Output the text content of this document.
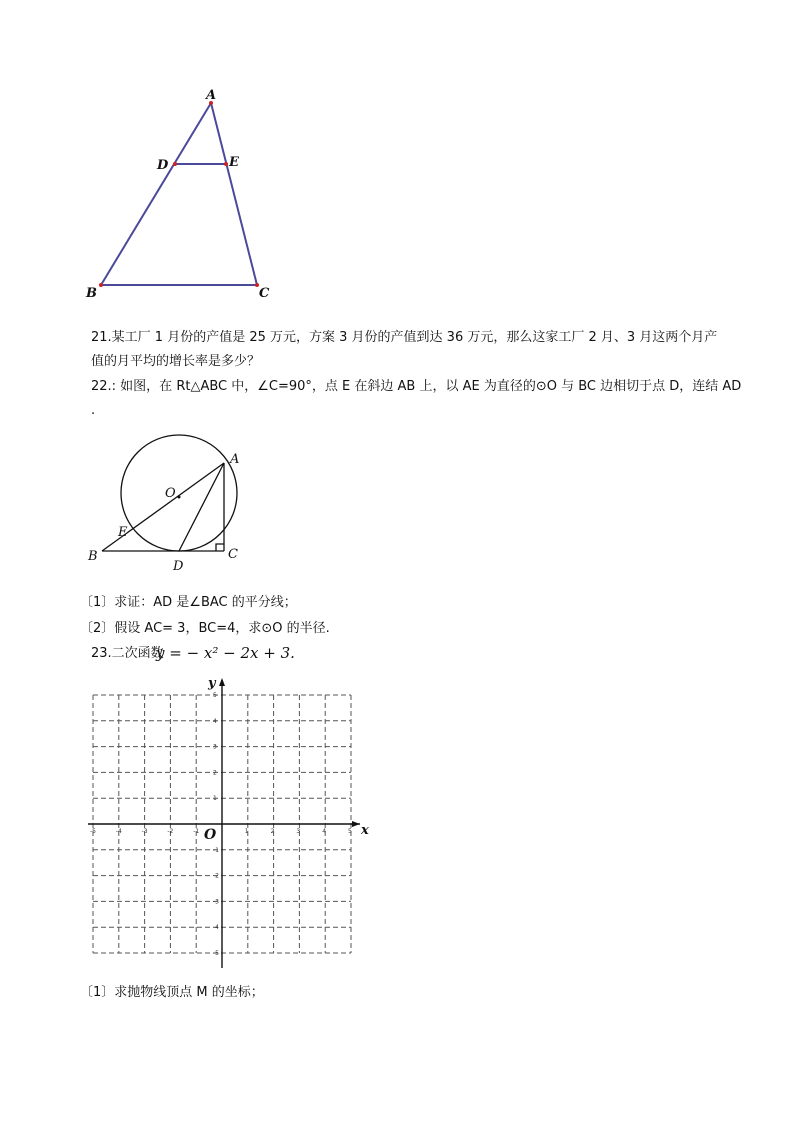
A
D	E
B	C
21.某工厂 1 月份的产值是 25 万元，方案 3 月份的产值到达 36 万元，那么这家工厂 2 月、3 月这两个月产
值的月平均的增长率是多少？
22.: 如图，在 Rt△ABC 中，∠C=90°，点 E 在斜边 AB 上，以 AE 为直径的⊙O 与 BC 边相切于点 D，连结 AD
.
A
O
E
B	C
D
〔1〕求证：AD 是∠BAC 的平分线；
〔2〕假设 AC= 3，BC=4，求⊙O 的半径.
23.二次函数
y = − x² − 2x + 3.
-5	-4	-3	-2	-1	1	2	3	4	5
5
4
3
2
1
-1
-2
-3
-4
-5
x
y
O
〔1〕求抛物线顶点 M 的坐标；
